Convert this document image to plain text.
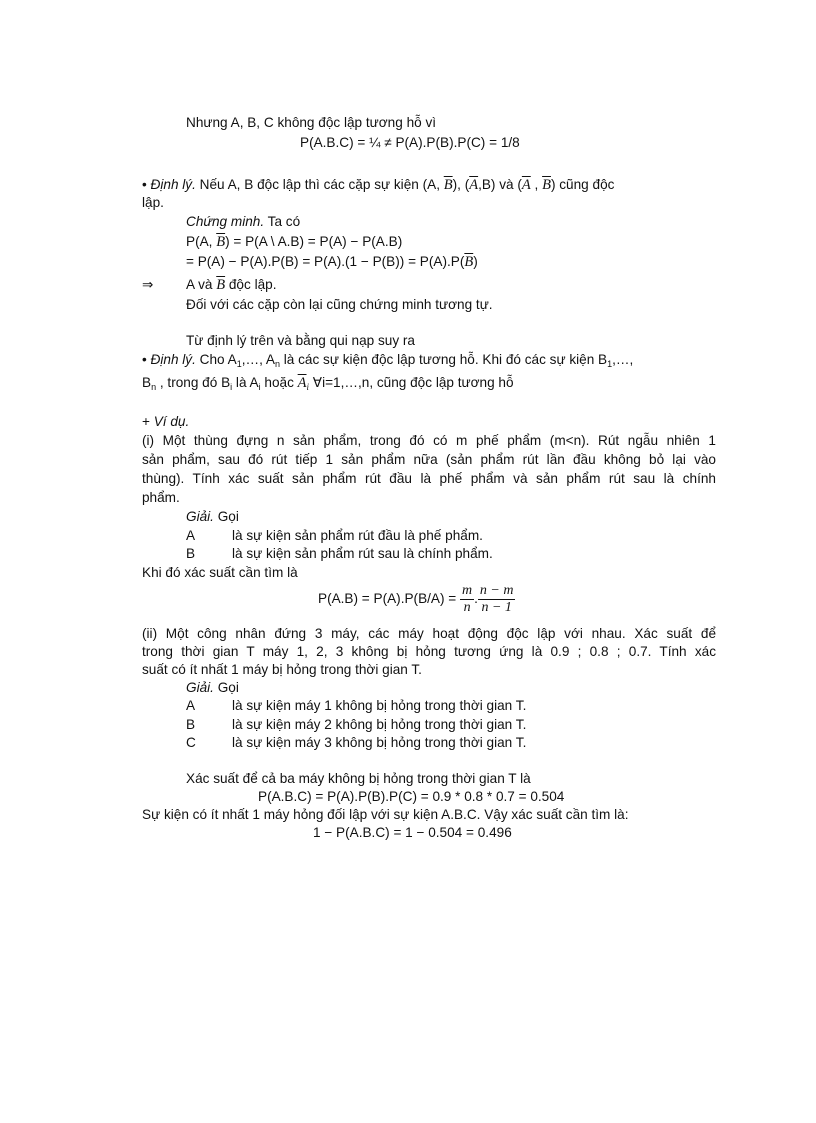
Nhưng A, B, C không độc lập tương hỗ vì
P(A.B.C) = ¼ ≠ P(A).P(B).P(C) = 1/8
• Định lý. Nếu A, B độc lập thì các cặp sự kiện (A, $\overline{B}$), $(\overline{A},B)$ và ($\overline{A}$ , $\overline{B}$) cũng độc
lập.
Chứng minh. Ta có
P(A, $\overline{B}) = P(A$ \ A.B) = P(A) − P(A.B)
= $P(A) - P(A).P(B) = P(A).(1 - P(B)) = P(A).P(\overline{B})$
⇒ A và $\overline{B}$ độc lập.
Đối với các cặp còn lại cũng chứng minh tương tự.
Từ định lý trên và bằng qui nạp suy ra
• Định lý. Cho $A_1,\dots$, $A_n$ là các sự kiện độc lập tương hỗ. Khi đó các sự kiện $B_1,\dots$,
$B_n$ , trong đó $B_i$ là $A_i$ hoặc $\overline{A}_i$ ∀i=1,…,n, cũng độc lập tương hỗ
+ Ví dụ.
(i) Một thùng đựng n sản phẩm, trong đó có m phế phẩm (m<n). Rút ngẫu nhiên 1
sản phẩm, sau đó rút tiếp 1 sản phẩm nữa (sản phẩm rút lần đầu không bỏ lại vào
thùng). Tính xác suất sản phẩm rút đầu là phế phẩm và sản phẩm rút sau là chính
phẩm.
Giải. Gọi
A	là sự kiện sản phẩm rút đầu là phế phẩm.
B	là sự kiện sản phẩm rút sau là chính phẩm.
Khi đó xác suất cần tìm là
$P(A.B) = P(A).P(B/A) = \frac{m}{n}$ . $\frac{n - m}{n - 1}$
(ii) Một công nhân đứng 3 máy, các máy hoạt động độc lập với nhau. Xác suất để
trong thời gian T máy 1, 2, 3 không bị hỏng tương ứng là 0.9 ; 0.8 ; 0.7. Tính xác
suất có ít nhất 1 máy bị hỏng trong thời gian T.
Giải. Gọi
A	là sự kiện máy 1 không bị hỏng trong thời gian T.
B	là sự kiện máy 2 không bị hỏng trong thời gian T.
C	là sự kiện máy 3 không bị hỏng trong thời gian T.
Xác suất để cả ba máy không bị hỏng trong thời gian T là
P(A.B.C) = P(A).P(B).P(C) = 0.9 * 0.8 * 0.7 = 0.504
Sự kiện có ít nhất 1 máy hỏng đối lập với sự kiện A.B.C. Vậy xác suất cần tìm là:
1 − P(A.B.C) = 1 − 0.504 = 0.496
